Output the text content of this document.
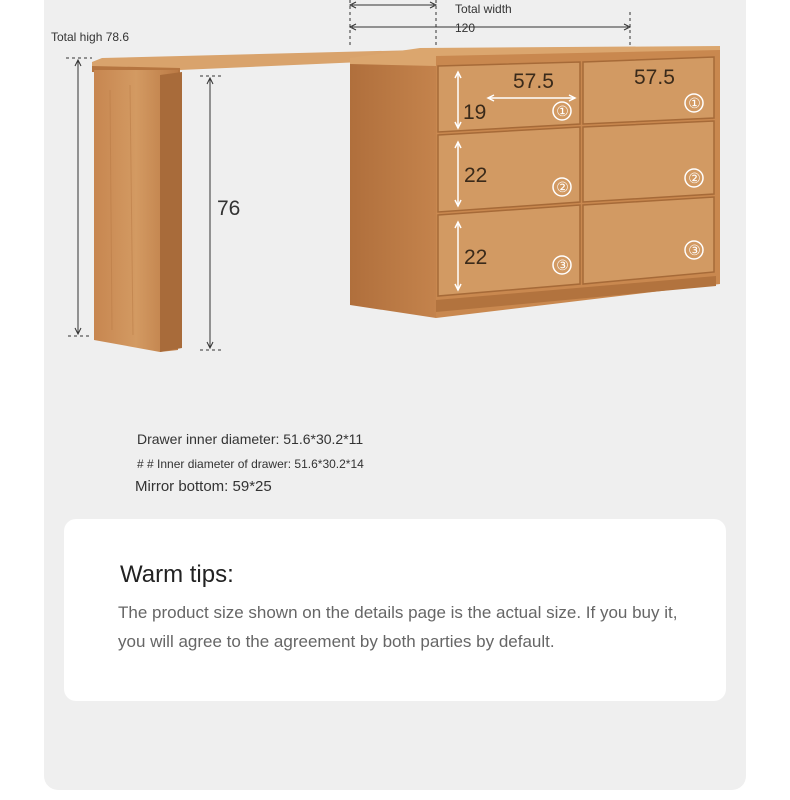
Total high 78.6
Total width
120
76
57.5	57.5
19
22
22
①	①
②
②
③
③
Drawer inner diameter: 51.6*30.2*11
# # Inner diameter of drawer: 51.6*30.2*14
Mirror bottom: 59*25
Warm tips:
The product size shown on the details page is the actual size. If you buy it, you will agree to the agreement by both parties by default.
